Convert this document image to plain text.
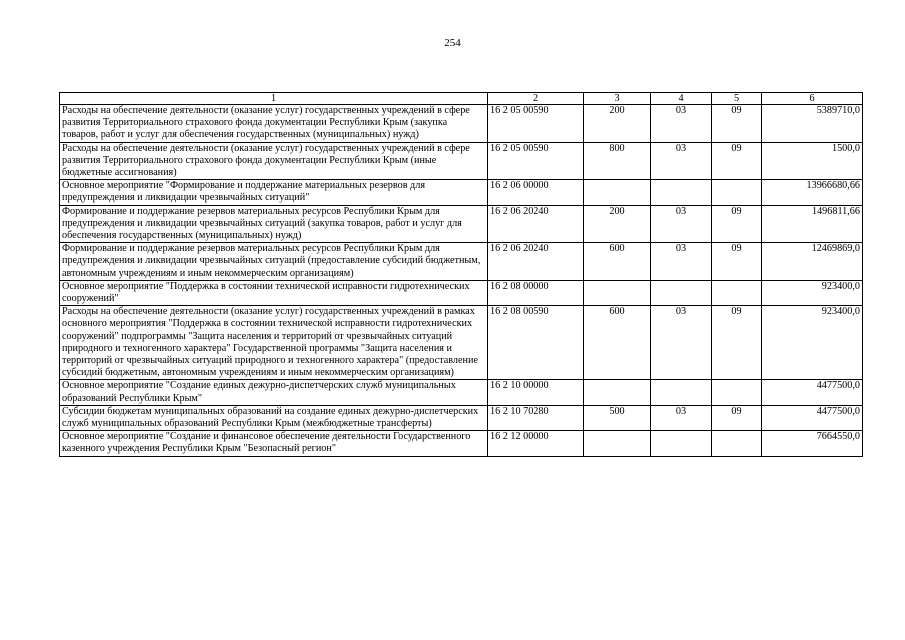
254
1	2	3	4	5	6
Расходы на обеспечение деятельности (оказание услуг) государственных учреждений в сфере развития Территориального страхового фонда документации Республики Крым (закупка товаров, работ и услуг для обеспечения государственных (муниципальных) нужд)	16 2 05 00590	200	03	09	5389710,0
Расходы на обеспечение деятельности (оказание услуг) государственных учреждений в сфере развития Территориального страхового фонда документации Республики Крым (иные бюджетные ассигнования)	16 2 05 00590	800	03	09	1500,0
Основное мероприятие "Формирование и поддержание материальных резервов для предупреждения и ликвидации чрезвычайных ситуаций"	16 2 06 00000				13966680,66
Формирование и поддержание резервов материальных ресурсов Республики Крым для предупреждения и ликвидации чрезвычайных ситуаций (закупка товаров, работ и услуг для обеспечения государственных (муниципальных) нужд)	16 2 06 20240	200	03	09	1496811,66
Формирование и поддержание резервов материальных ресурсов Республики Крым для предупреждения и ликвидации чрезвычайных ситуаций (предоставление субсидий бюджетным, автономным учреждениям и иным некоммерческим организациям)	16 2 06 20240	600	03	09	12469869,0
Основное мероприятие "Поддержка в состоянии технической исправности гидротехнических сооружений"	16 2 08 00000				923400,0
Расходы на обеспечение деятельности (оказание услуг) государственных учреждений в рамках основного мероприятия "Поддержка в состоянии технической исправности гидротехнических сооружений" подпрограммы "Защита населения и территорий от чрезвычайных ситуаций природного и техногенного характера" Государственной программы "Защита населения и территорий от чрезвычайных ситуаций природного и техногенного характера" (предоставление субсидий бюджетным, автономным учреждениям и иным некоммерческим организациям)	16 2 08 00590	600	03	09	923400,0
Основное мероприятие "Создание единых дежурно-диспетчерских служб муниципальных образований Республики Крым"	16 2 10 00000				4477500,0
Субсидии бюджетам муниципальных образований на создание единых дежурно-диспетчерских служб муниципальных образований Республики Крым (межбюджетные трансферты)	16 2 10 70280	500	03	09	4477500,0
Основное мероприятие "Создание и финансовое обеспечение деятельности Государственного казенного учреждения Республики Крым "Безопасный регион"	16 2 12 00000				7664550,0
